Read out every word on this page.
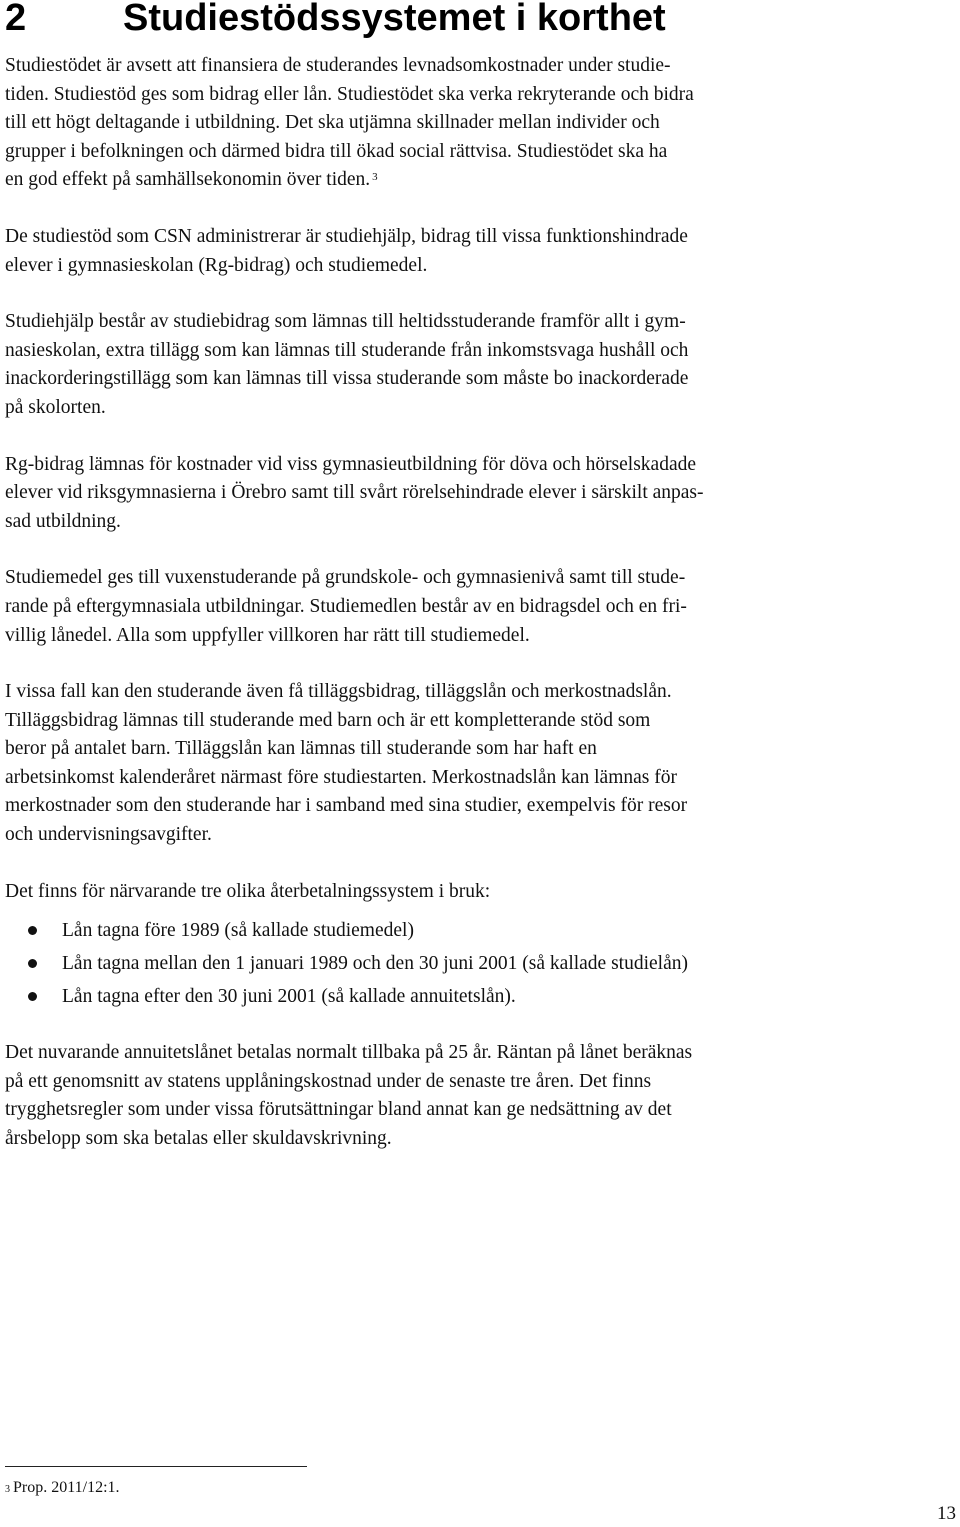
2	Studiestödssystemet i korthet

Studiestödet är avsett att finansiera de studerandes levnadsomkostnader under studie-
tiden. Studiestöd ges som bidrag eller lån. Studiestödet ska verka rekryterande och bidra
till ett högt deltagande i utbildning. Det ska utjämna skillnader mellan individer och
grupper i befolkningen och därmed bidra till ökad social rättvisa. Studiestödet ska ha
en god effekt på samhällsekonomin över tiden. $^3$

De studiestöd som CSN administrerar är studiehjälp, bidrag till vissa funktionshindrade
elever i gymnasieskolan (Rg-bidrag) och studiemedel.

Studiehjälp består av studiebidrag som lämnas till heltidsstuderande framför allt i gym-
nasieskolan, extra tillägg som kan lämnas till studerande från inkomstsvaga hushåll och
inackorderingstillägg som kan lämnas till vissa studerande som måste bo inackorderade
på skolorten.

Rg-bidrag lämnas för kostnader vid viss gymnasieutbildning för döva och hörselskadade
elever vid riksgymnasierna i Örebro samt till svårt rörelsehindrade elever i särskilt anpas-
sad utbildning.

Studiemedel ges till vuxenstuderande på grundskole- och gymnasienivå samt till stude-
rande på eftergymnasiala utbildningar. Studiemedlen består av en bidragsdel och en fri-
villig lånedel. Alla som uppfyller villkoren har rätt till studiemedel.

I vissa fall kan den studerande även få tilläggsbidrag, tilläggslån och merkostnadslån.
Tilläggsbidrag lämnas till studerande med barn och är ett kompletterande stöd som
beror på antalet barn. Tilläggslån kan lämnas till studerande som har haft en
arbetsinkomst kalenderåret närmast före studiestarten. Merkostnadslån kan lämnas för
merkostnader som den studerande har i samband med sina studier, exempelvis för resor
och undervisningsavgifter.

Det finns för närvarande tre olika återbetalningssystem i bruk:

Lån tagna före 1989 (så kallade studiemedel)
Lån tagna mellan den 1 januari 1989 och den 30 juni 2001 (så kallade studielån)
Lån tagna efter den 30 juni 2001 (så kallade annuitetslån).

Det nuvarande annuitetslånet betalas normalt tillbaka på 25 år. Räntan på lånet beräknas
på ett genomsnitt av statens upplåningskostnad under de senaste tre åren. Det finns
trygghetsregler som under vissa förutsättningar bland annat kan ge nedsättning av det
årsbelopp som ska betalas eller skuldavskrivning.

$^3$ Prop. 2011/12:1.
13
